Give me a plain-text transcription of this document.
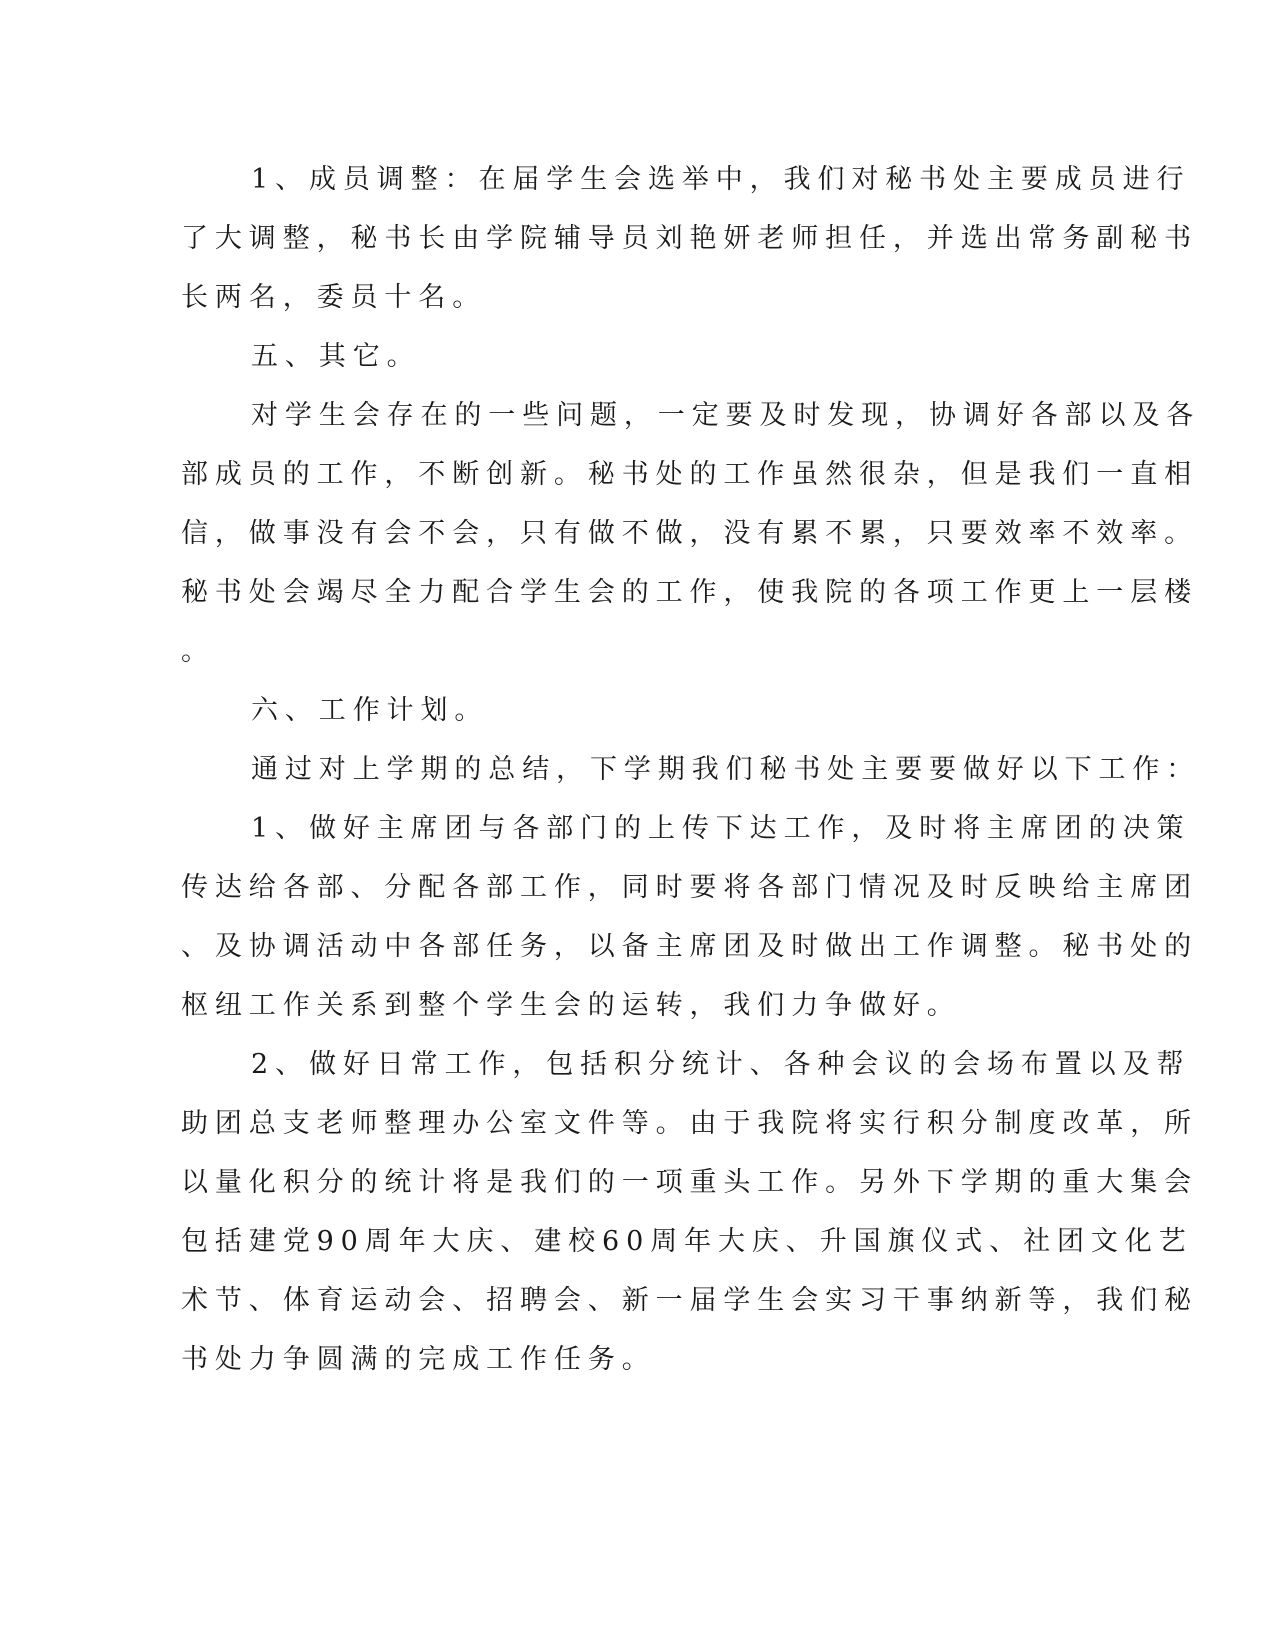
1、成员调整：在届学生会选举中，我们对秘书处主要成员进行
了大调整，秘书长由学院辅导员刘艳妍老师担任，并选出常务副秘书
长两名，委员十名。
五、其它。
对学生会存在的一些问题，一定要及时发现，协调好各部以及各
部成员的工作，不断创新。秘书处的工作虽然很杂，但是我们一直相
信，做事没有会不会，只有做不做，没有累不累，只要效率不效率。
秘书处会竭尽全力配合学生会的工作，使我院的各项工作更上一层楼
。
六、工作计划。
通过对上学期的总结，下学期我们秘书处主要要做好以下工作：
1、做好主席团与各部门的上传下达工作，及时将主席团的决策
传达给各部、分配各部工作，同时要将各部门情况及时反映给主席团
、及协调活动中各部任务，以备主席团及时做出工作调整。秘书处的
枢纽工作关系到整个学生会的运转，我们力争做好。
2、做好日常工作，包括积分统计、各种会议的会场布置以及帮
助团总支老师整理办公室文件等。由于我院将实行积分制度改革，所
以量化积分的统计将是我们的一项重头工作。另外下学期的重大集会
包括建党90周年大庆、建校60周年大庆、升国旗仪式、社团文化艺
术节、体育运动会、招聘会、新一届学生会实习干事纳新等，我们秘
书处力争圆满的完成工作任务。
